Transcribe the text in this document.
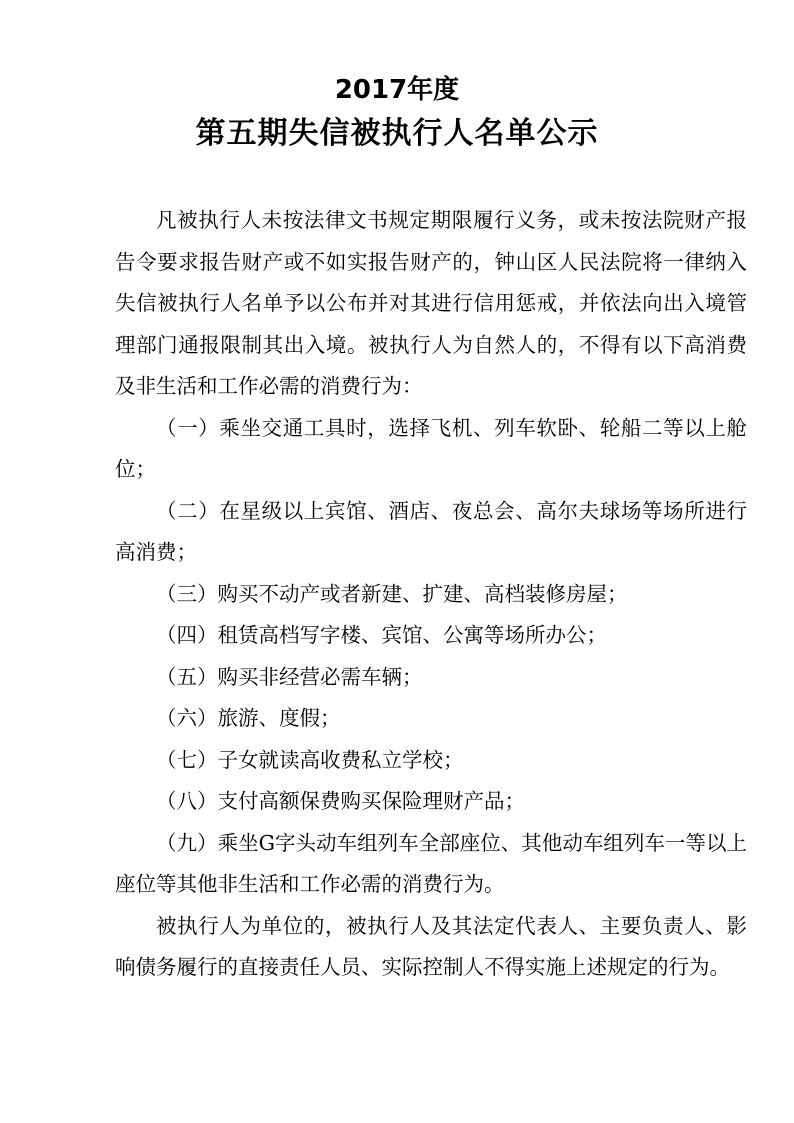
2017年度
第五期失信被执行人名单公示

凡被执行人未按法律文书规定期限履行义务，或未按法院财产报告令要求报告财产或不如实报告财产的，钟山区人民法院将一律纳入失信被执行人名单予以公布并对其进行信用惩戒，并依法向出入境管理部门通报限制其出入境。被执行人为自然人的，不得有以下高消费及非生活和工作必需的消费行为：

（一）乘坐交通工具时，选择飞机、列车软卧、轮船二等以上舱位；

（二）在星级以上宾馆、酒店、夜总会、高尔夫球场等场所进行高消费；

（三）购买不动产或者新建、扩建、高档装修房屋；

（四）租赁高档写字楼、宾馆、公寓等场所办公；

（五）购买非经营必需车辆；

（六）旅游、度假；

（七）子女就读高收费私立学校；

（八）支付高额保费购买保险理财产品；

（九）乘坐G字头动车组列车全部座位、其他动车组列车一等以上座位等其他非生活和工作必需的消费行为。

被执行人为单位的，被执行人及其法定代表人、主要负责人、影响债务履行的直接责任人员、实际控制人不得实施上述规定的行为。
